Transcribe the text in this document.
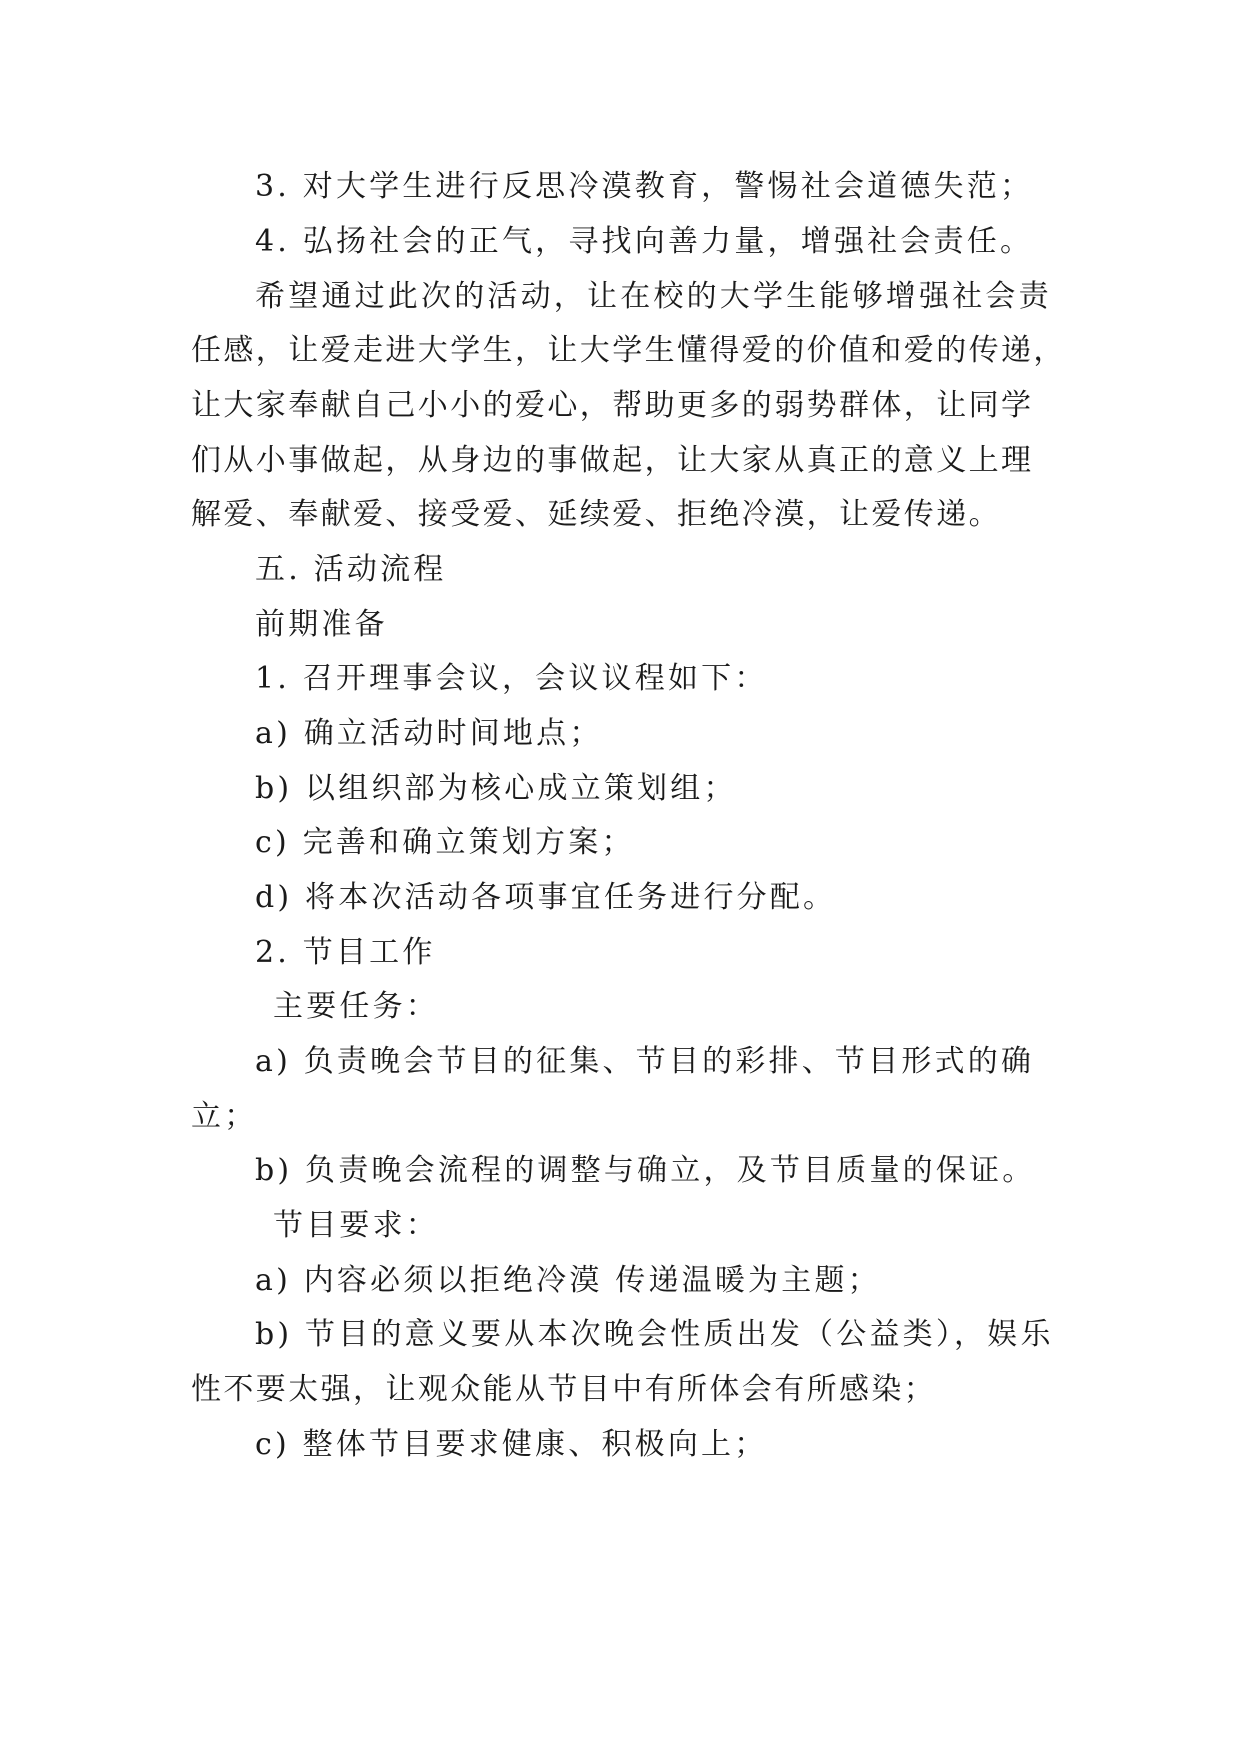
3. 对大学生进行反思冷漠教育，警惕社会道德失范；

4. 弘扬社会的正气，寻找向善力量，增强社会责任。

希望通过此次的活动，让在校的大学生能够增强社会责

任感，让爱走进大学生，让大学生懂得爱的价值和爱的传递，

让大家奉献自己小小的爱心，帮助更多的弱势群体，让同学

们从小事做起，从身边的事做起，让大家从真正的意义上理

解爱、奉献爱、接受爱、延续爱、拒绝冷漠，让爱传递。

五. 活动流程

前期准备

1. 召开理事会议，会议议程如下：

a) 确立活动时间地点；

b) 以组织部为核心成立策划组；

c) 完善和确立策划方案；

d) 将本次活动各项事宜任务进行分配。

2. 节目工作

主要任务：

a) 负责晚会节目的征集、节目的彩排、节目形式的确

立；

b) 负责晚会流程的调整与确立，及节目质量的保证。

节目要求：

a) 内容必须以拒绝冷漠 传递温暖为主题；

b) 节目的意义要从本次晚会性质出发（公益类），娱乐

性不要太强，让观众能从节目中有所体会有所感染；

c) 整体节目要求健康、积极向上；
